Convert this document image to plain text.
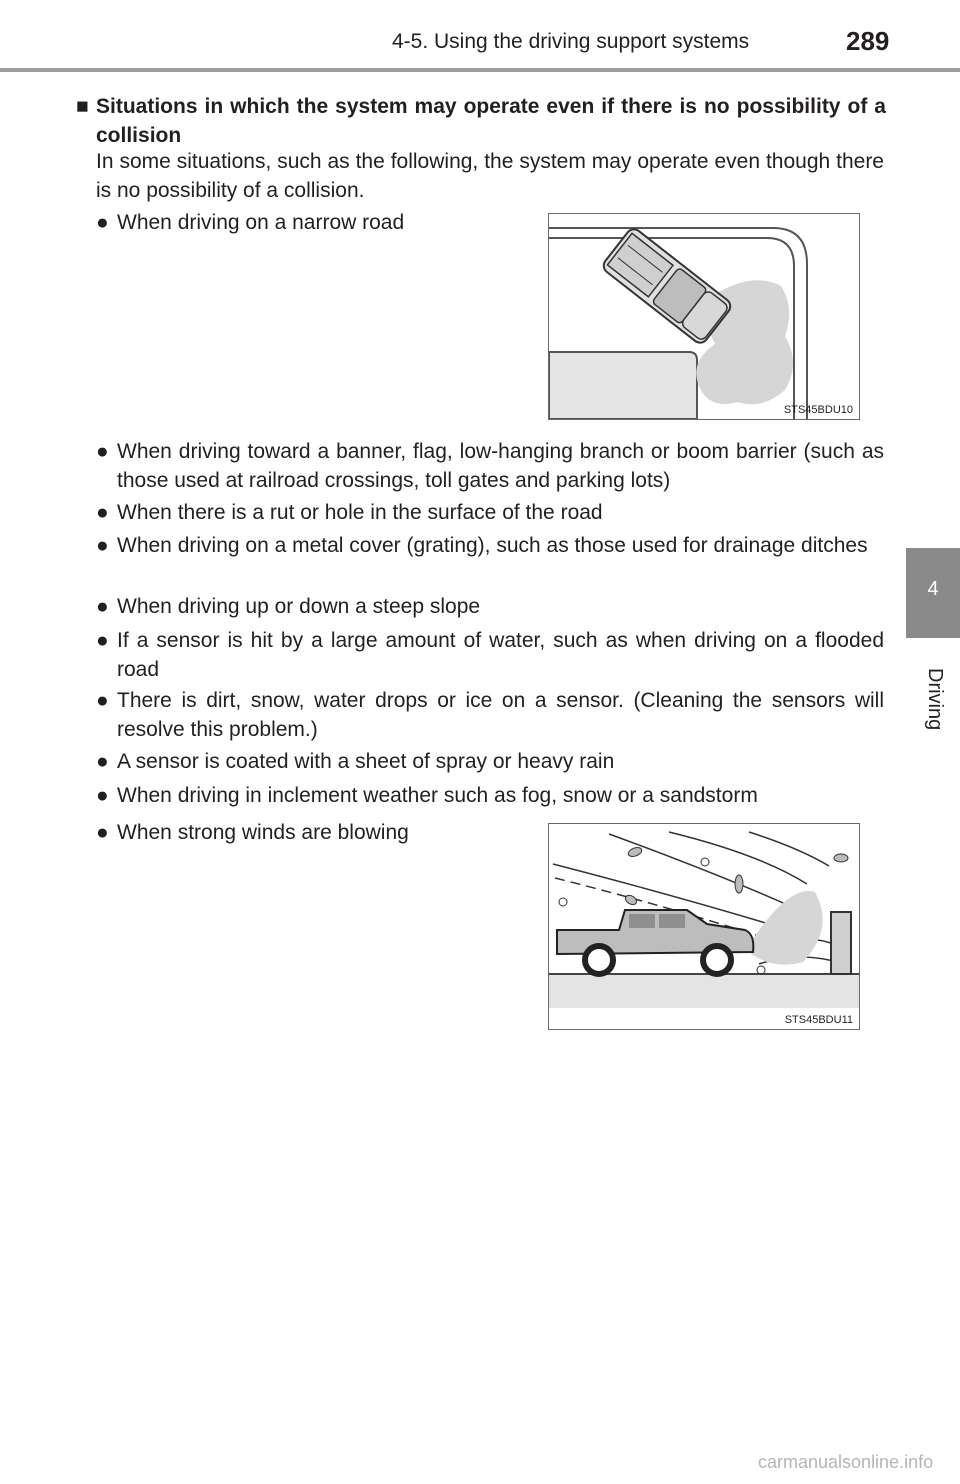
4-5. Using the driving support systems	289
4
Driving
■ Situations in which the system may operate even if there is no possibility of a collision
In some situations, such as the following, the system may operate even though there is no possibility of a collision.
● When driving on a narrow road
STS45BDU10
● When driving toward a banner, flag, low-hanging branch or boom barrier (such as those used at railroad crossings, toll gates and parking lots)
● When there is a rut or hole in the surface of the road
● When driving on a metal cover (grating), such as those used for drainage ditches
● When driving up or down a steep slope
● If a sensor is hit by a large amount of water, such as when driving on a flooded road
● There is dirt, snow, water drops or ice on a sensor. (Cleaning the sensors will resolve this problem.)
● A sensor is coated with a sheet of spray or heavy rain
● When driving in inclement weather such as fog, snow or a sandstorm
● When strong winds are blowing
STS45BDU11
carmanualsonline.info
